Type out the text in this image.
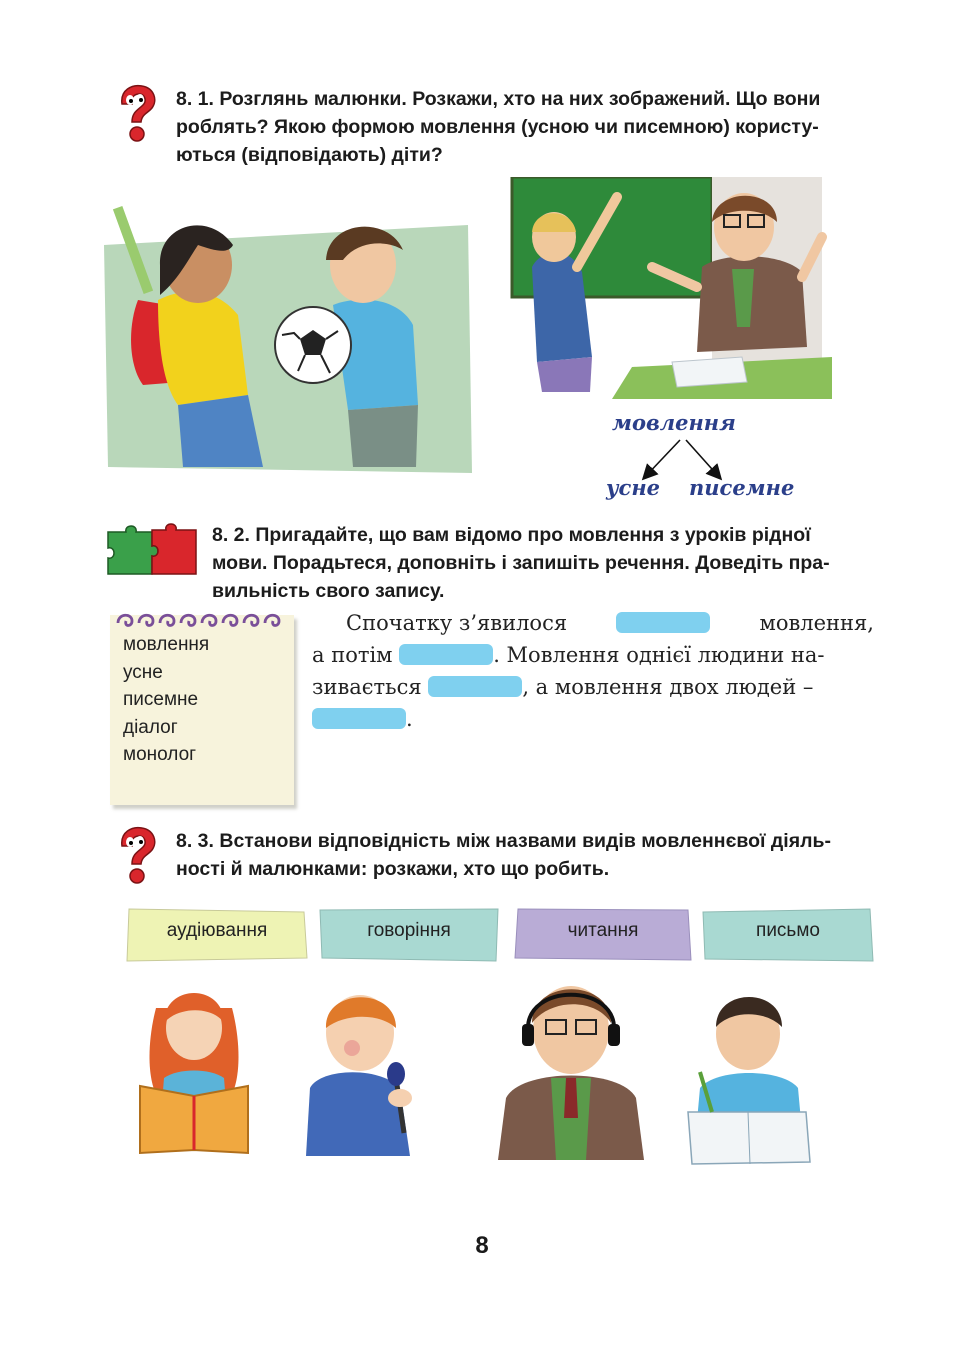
8. 1. Розглянь малюнки. Розкажи, хто на них зображений. Що вони

роблять? Якою формою мовлення (усною чи писемною) користу-

ються (відповідають) діти?

мовлення
усне писемне

8. 2. Пригадайте, що вам відомо про мовлення з уроків рідної

мови. Порадьтеся, доповніть і запишіть речення. Доведіть пра-

вильність свого запису.

мовлення

усне

писемне

діалог

монолог

Спочатку з’явилося	мовлення,

а потім	. Мовлення однієї людини на-

зивається	, а мовлення двох людей –

.

8. 3. Встанови відповідність між назвами видів мовленнєвої діяль-

ності й малюнками: розкажи, хто що робить.

аудіювання	говоріння	читання	письмо
8
